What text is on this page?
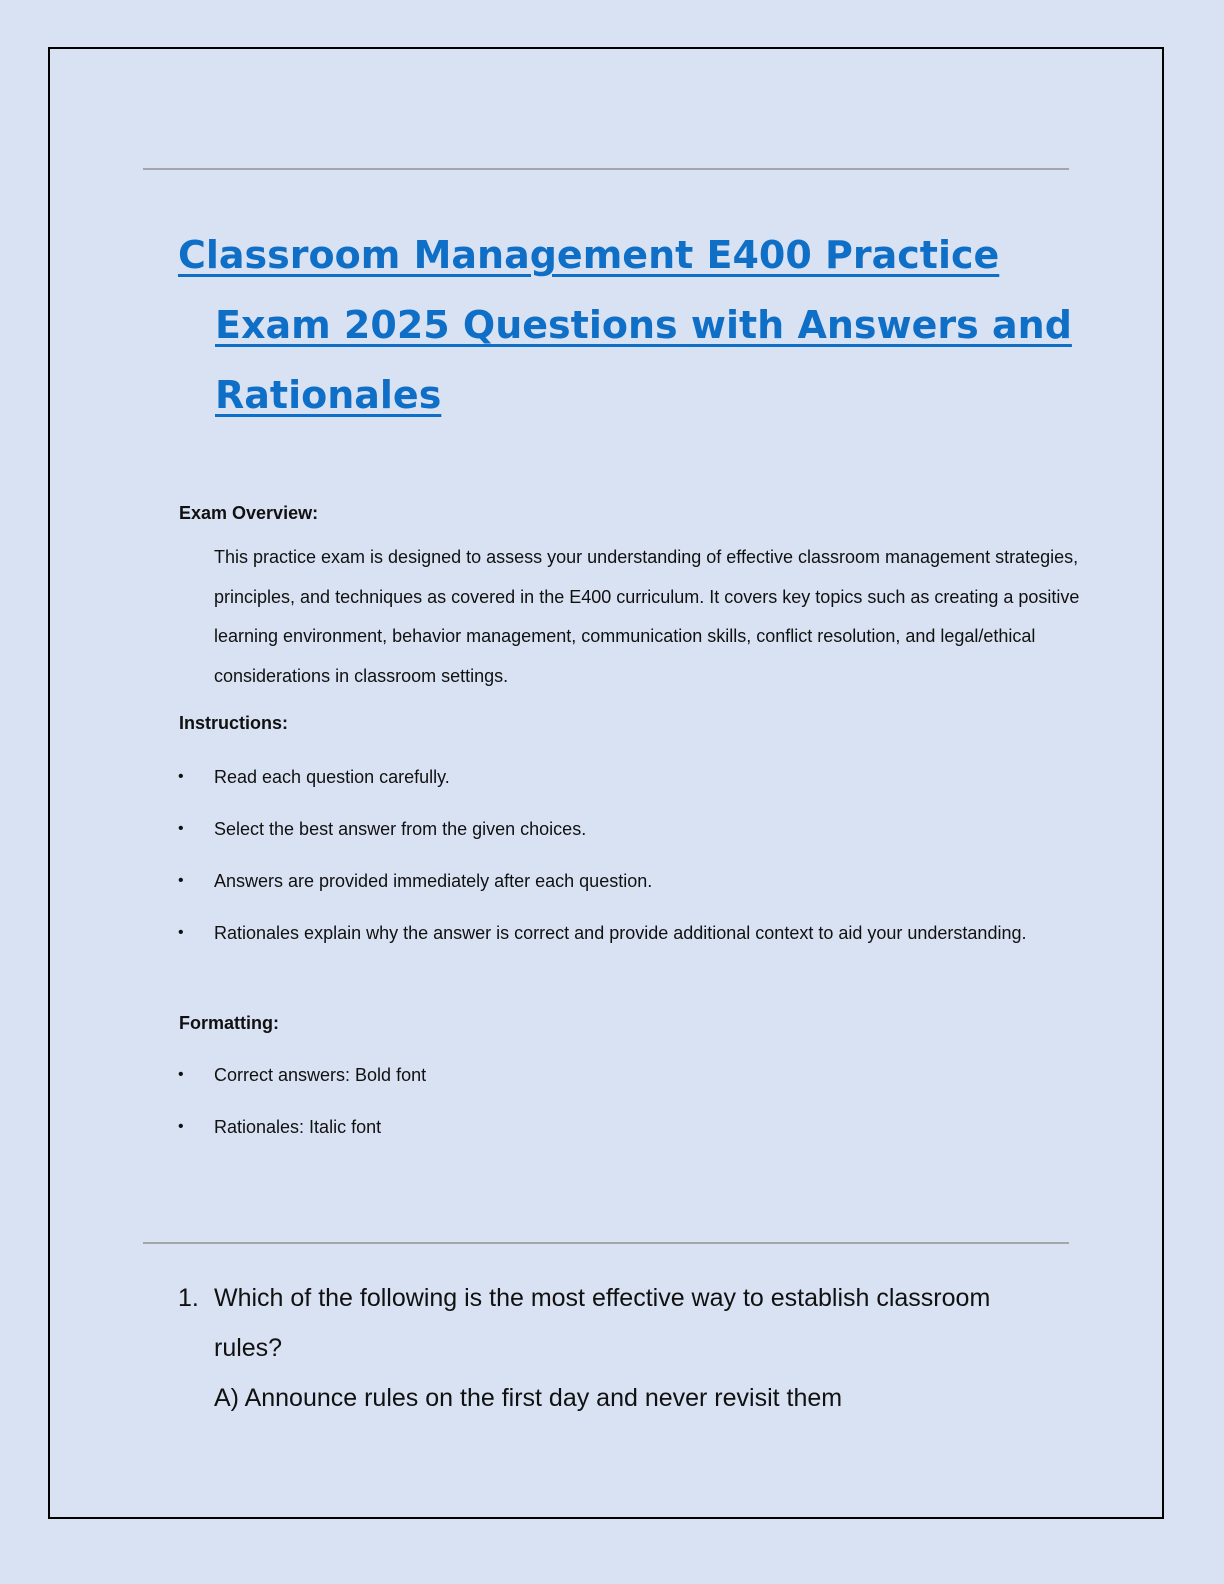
Classroom Management E400 Practice
Exam 2025 Questions with Answers and
Rationales

Exam Overview:

This practice exam is designed to assess your understanding of effective classroom management strategies, principles, and techniques as covered in the E400 curriculum. It covers key topics such as creating a positive learning environment, behavior management, communication skills, conflict resolution, and legal/ethical considerations in classroom settings.

Instructions:

• Read each question carefully.
• Select the best answer from the given choices.
• Answers are provided immediately after each question.
• Rationales explain why the answer is correct and provide additional context to aid your understanding.

Formatting:

• Correct answers: Bold font
• Rationales: Italic font
1. Which of the following is the most effective way to establish classroom rules?

A) Announce rules on the first day and never revisit them
